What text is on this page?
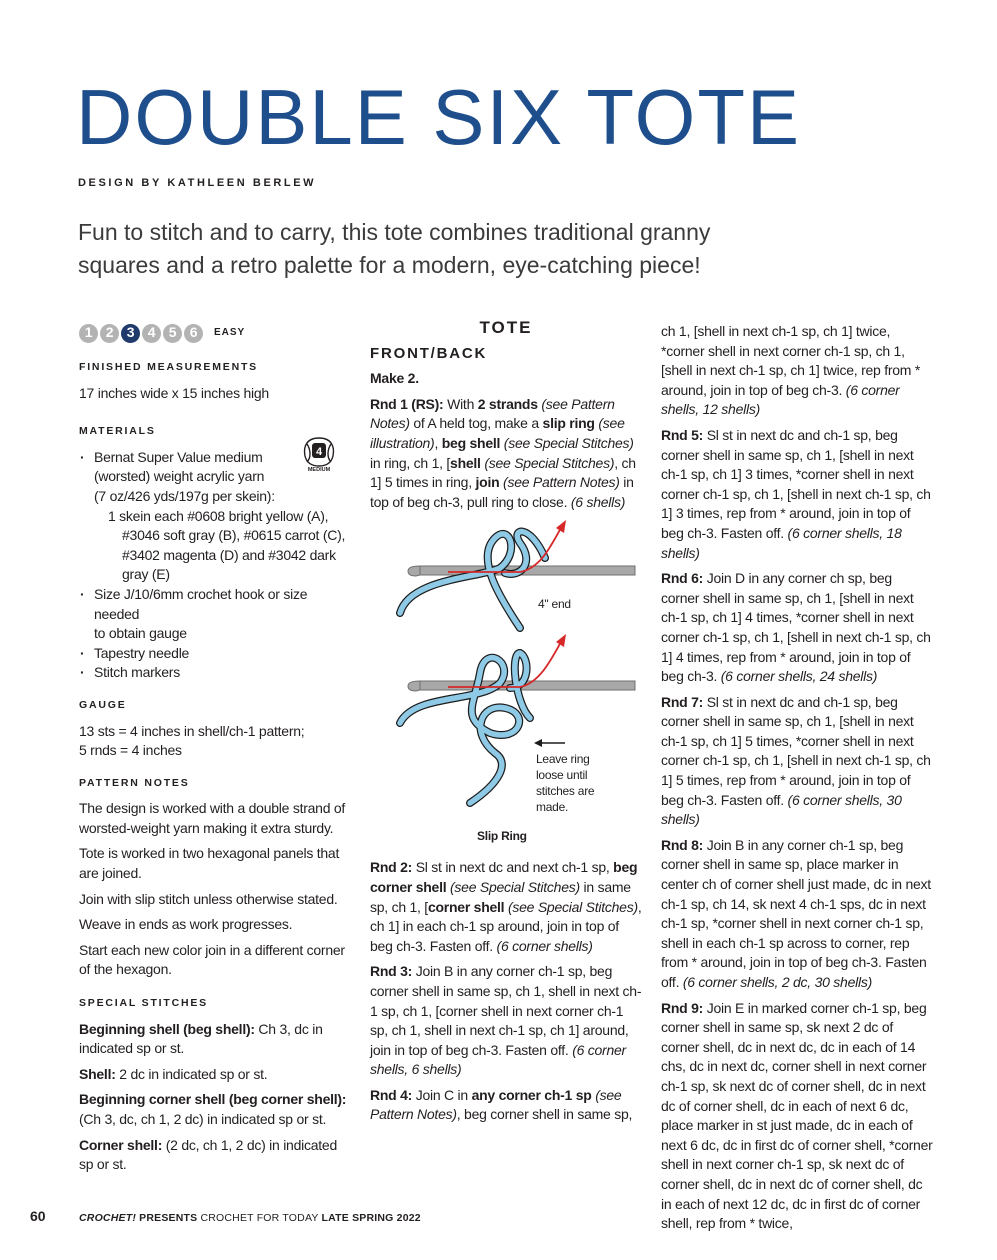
DOUBLE SIX TOTE

DESIGN BY KATHLEEN BERLEW

Fun to stitch and to carry, this tote combines traditional granny squares and a retro palette for a modern, eye-catching piece!

4
MEDIUM
1 2 3 4 5 6	EASY

FINISHED MEASUREMENTS

17 inches wide x 15 inches high

MATERIALS

· Bernat Super Value medium
(worsted) weight acrylic yarn
(7 oz/426 yds/197g per skein):
1 skein each #0608 bright yellow (A),
#3046 soft gray (B), #0615 carrot (C),
#3402 magenta (D) and #3042 dark
gray (E)
· Size J/10/6mm crochet hook or size needed
to obtain gauge
· Tapestry needle
· Stitch markers

GAUGE

13 sts = 4 inches in shell/ch-1 pattern;
5 rnds = 4 inches

PATTERN NOTES

The design is worked with a double strand of worsted-weight yarn making it extra sturdy.

Tote is worked in two hexagonal panels that are joined.

Join with slip stitch unless otherwise stated.

Weave in ends as work progresses.

Start each new color join in a different corner of the hexagon.

SPECIAL STITCHES

Beginning shell (beg shell): Ch 3, dc in indicated sp or st.

Shell: 2 dc in indicated sp or st.

Beginning corner shell (beg corner shell): (Ch 3, dc, ch 1, 2 dc) in indicated sp or st.

Corner shell: (2 dc, ch 1, 2 dc) in indicated sp or st.

TOTE

FRONT/BACK

Make 2.

Rnd 1 (RS): With 2 strands (see Pattern Notes) of A held tog, make a slip ring (see illustration), beg shell (see Special Stitches) in ring, ch 1, [shell (see Special Stitches), ch 1] 5 times in ring, join (see Pattern Notes) in top of beg ch-3, pull ring to close. (6 shells)

4" end
Leave ring
loose until
stitches are
made.
Slip Ring

Rnd 2: Sl st in next dc and next ch-1 sp, beg corner shell (see Special Stitches) in same sp, ch 1, [corner shell (see Special Stitches), ch 1] in each ch-1 sp around, join in top of beg ch-3. Fasten off. (6 corner shells)

Rnd 3: Join B in any corner ch-1 sp, beg corner shell in same sp, ch 1, shell in next ch-1 sp, ch 1, [corner shell in next corner ch-1 sp, ch 1, shell in next ch-1 sp, ch 1] around, join in top of beg ch-3. Fasten off. (6 corner shells, 6 shells)

Rnd 4: Join C in any corner ch-1 sp (see Pattern Notes), beg corner shell in same sp,

ch 1, [shell in next ch-1 sp, ch 1] twice, *corner shell in next corner ch-1 sp, ch 1, [shell in next ch-1 sp, ch 1] twice, rep from * around, join in top of beg ch-3. (6 corner shells, 12 shells)

Rnd 5: Sl st in next dc and ch-1 sp, beg corner shell in same sp, ch 1, [shell in next ch-1 sp, ch 1] 3 times, *corner shell in next corner ch-1 sp, ch 1, [shell in next ch-1 sp, ch 1] 3 times, rep from * around, join in top of beg ch-3. Fasten off. (6 corner shells, 18 shells)

Rnd 6: Join D in any corner ch sp, beg corner shell in same sp, ch 1, [shell in next ch-1 sp, ch 1] 4 times, *corner shell in next corner ch-1 sp, ch 1, [shell in next ch-1 sp, ch 1] 4 times, rep from * around, join in top of beg ch-3. (6 corner shells, 24 shells)

Rnd 7: Sl st in next dc and ch-1 sp, beg corner shell in same sp, ch 1, [shell in next ch-1 sp, ch 1] 5 times, *corner shell in next corner ch-1 sp, ch 1, [shell in next ch-1 sp, ch 1] 5 times, rep from * around, join in top of beg ch-3. Fasten off. (6 corner shells, 30 shells)

Rnd 8: Join B in any corner ch-1 sp, beg corner shell in same sp, place marker in center ch of corner shell just made, dc in next ch-1 sp, ch 14, sk next 4 ch-1 sps, dc in next ch-1 sp, *corner shell in next corner ch-1 sp, shell in each ch-1 sp across to corner, rep from * around, join in top of beg ch-3. Fasten off. (6 corner shells, 2 dc, 30 shells)

Rnd 9: Join E in marked corner ch-1 sp, beg corner shell in same sp, sk next 2 dc of corner shell, dc in next dc, dc in each of 14 chs, dc in next dc, corner shell in next corner ch-1 sp, sk next dc of corner shell, dc in next dc of corner shell, dc in each of next 6 dc, place marker in st just made, dc in each of next 6 dc, dc in first dc of corner shell, *corner shell in next corner ch-1 sp, sk next dc of corner shell, dc in next dc of corner shell, dc in each of next 12 dc, dc in first dc of corner shell, rep from * twice,

60	CROCHET! PRESENTS CROCHET FOR TODAY LATE SPRING 2022
